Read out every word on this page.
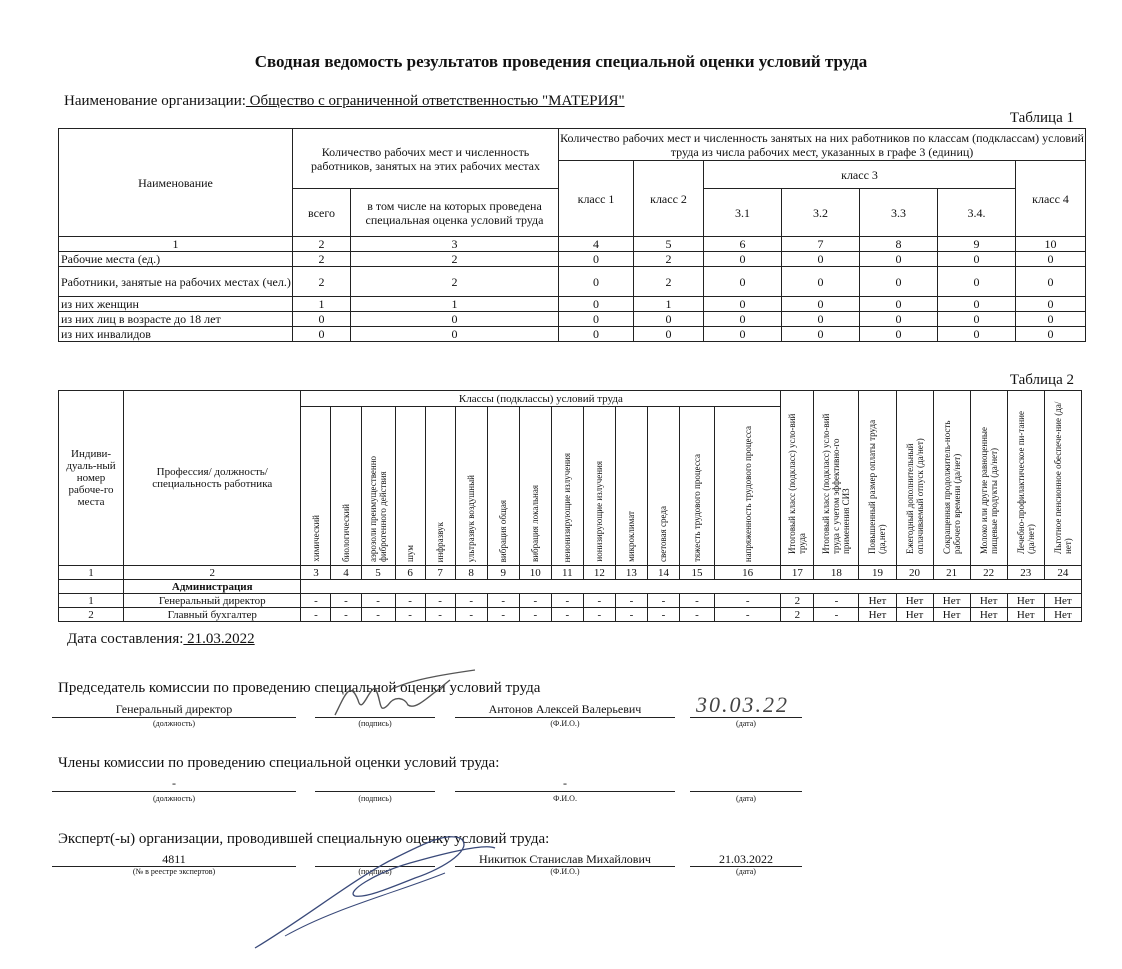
Сводная ведомость результатов проведения специальной оценки условий труда
Наименование организации: Общество с ограниченной ответственностью "МАТЕРИЯ"
Таблица 1
Наименование	Количество рабочих мест и численность работников, занятых на этих рабочих местах		Количество рабочих мест и численность занятых на них работников по классам (подклассам) условий труда из числа рабочих мест, указанных в графе 3 (единиц)						
			класс 1	класс 2	класс 3				класс 4
	всего	в том числе на которых проведена специальная оценка условий труда			3.1	3.2	3.3	3.4.	
1	2	3	4	5	6	7	8	9	10
Рабочие места (ед.)	2	2	0	2	0	0	0	0	0
Работники, занятые на рабочих местах (чел.)	2	2	0	2	0	0	0	0	0
из них женщин	1	1	0	1	0	0	0	0	0
из них лиц в возрасте до 18 лет	0	0	0	0	0	0	0	0	0
из них инвалидов	0	0	0	0	0	0	0	0	0
Таблица 2
Индиви-дуаль-ный номер рабоче-го места	Профессия/ должность/ специальность работника	Классы (подклассы) условий труда														Итоговый класс (подкласс) усло-вий труда	Итоговый класс (подкласс) усло-вий труда с учетом эффективно-го применения СИЗ	Повышенный размер оплаты труда (да,нет)	Ежегодный дополнительный оплачиваемый отпуск (да/нет)	Сокращенная продолжитель-ность рабочего времени (да/нет)	Молоко или другие равноценные пищевые продукты (да/нет)	Лечебно-профилактическое пи-тание (да/нет)	Льготное пенсионное обеспече-ние (да/нет)
		химический	биологический	аэрозоли преимущественно фиброгенного действия	шум	инфразвук	ультразвук воздушный	вибрация общая	вибрация локальная	неионизирующие излучения	ионизирующие излучения	микроклимат	световая среда	тяжесть трудового процесса	напряженность трудового процесса								
1	2	3	4	5	6	7	8	9	10	11	12	13	14	15	16	17	18	19	20	21	22	23	24
	Администрация																						
1	Генеральный директор	-	-	-	-	-	-	-	-	-	-	-	-	-	-	2	-	Нет	Нет	Нет	Нет	Нет	Нет
2	Главный бухгалтер	-	-	-	-	-	-	-	-	-	-	-	-	-	-	2	-	Нет	Нет	Нет	Нет	Нет	Нет
Дата составления: 21.03.2022
Председатель комиссии по проведению специальной оценки условий труда
Генеральный директор	Антонов Алексей Валерьевич	30.03.22
(должность)	(подпись)	(Ф.И.О.)	(дата)
Члены комиссии по проведению специальной оценки условий труда:
-	-
(должность)	(подпись)	Ф.И.О.	(дата)
Эксперт(-ы) организации, проводившей специальную оценку условий труда:
4811	Никитюк Станислав Михайлович	21.03.2022
(№ в реестре экспертов)	(подпись)	(Ф.И.О.)	(дата)
